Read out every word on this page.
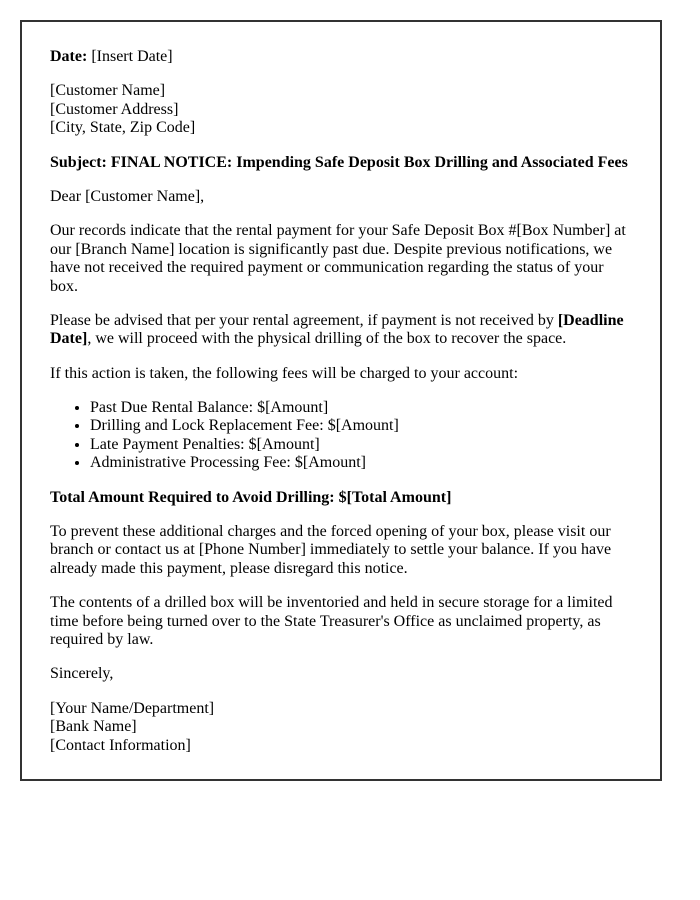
Date: [Insert Date]

[Customer Name]
[Customer Address]
[City, State, Zip Code]

Subject: FINAL NOTICE: Impending Safe Deposit Box Drilling and Associated Fees

Dear [Customer Name],

Our records indicate that the rental payment for your Safe Deposit Box #[Box Number] at our [Branch Name] location is significantly past due. Despite previous notifications, we have not received the required payment or communication regarding the status of your box.

Please be advised that per your rental agreement, if payment is not received by [Deadline Date], we will proceed with the physical drilling of the box to recover the space.

If this action is taken, the following fees will be charged to your account:

• Past Due Rental Balance: $[Amount]
• Drilling and Lock Replacement Fee: $[Amount]
• Late Payment Penalties: $[Amount]
• Administrative Processing Fee: $[Amount]

Total Amount Required to Avoid Drilling: $[Total Amount]

To prevent these additional charges and the forced opening of your box, please visit our branch or contact us at [Phone Number] immediately to settle your balance. If you have already made this payment, please disregard this notice.

The contents of a drilled box will be inventoried and held in secure storage for a limited time before being turned over to the State Treasurer's Office as unclaimed property, as required by law.

Sincerely,

[Your Name/Department]
[Bank Name]
[Contact Information]
